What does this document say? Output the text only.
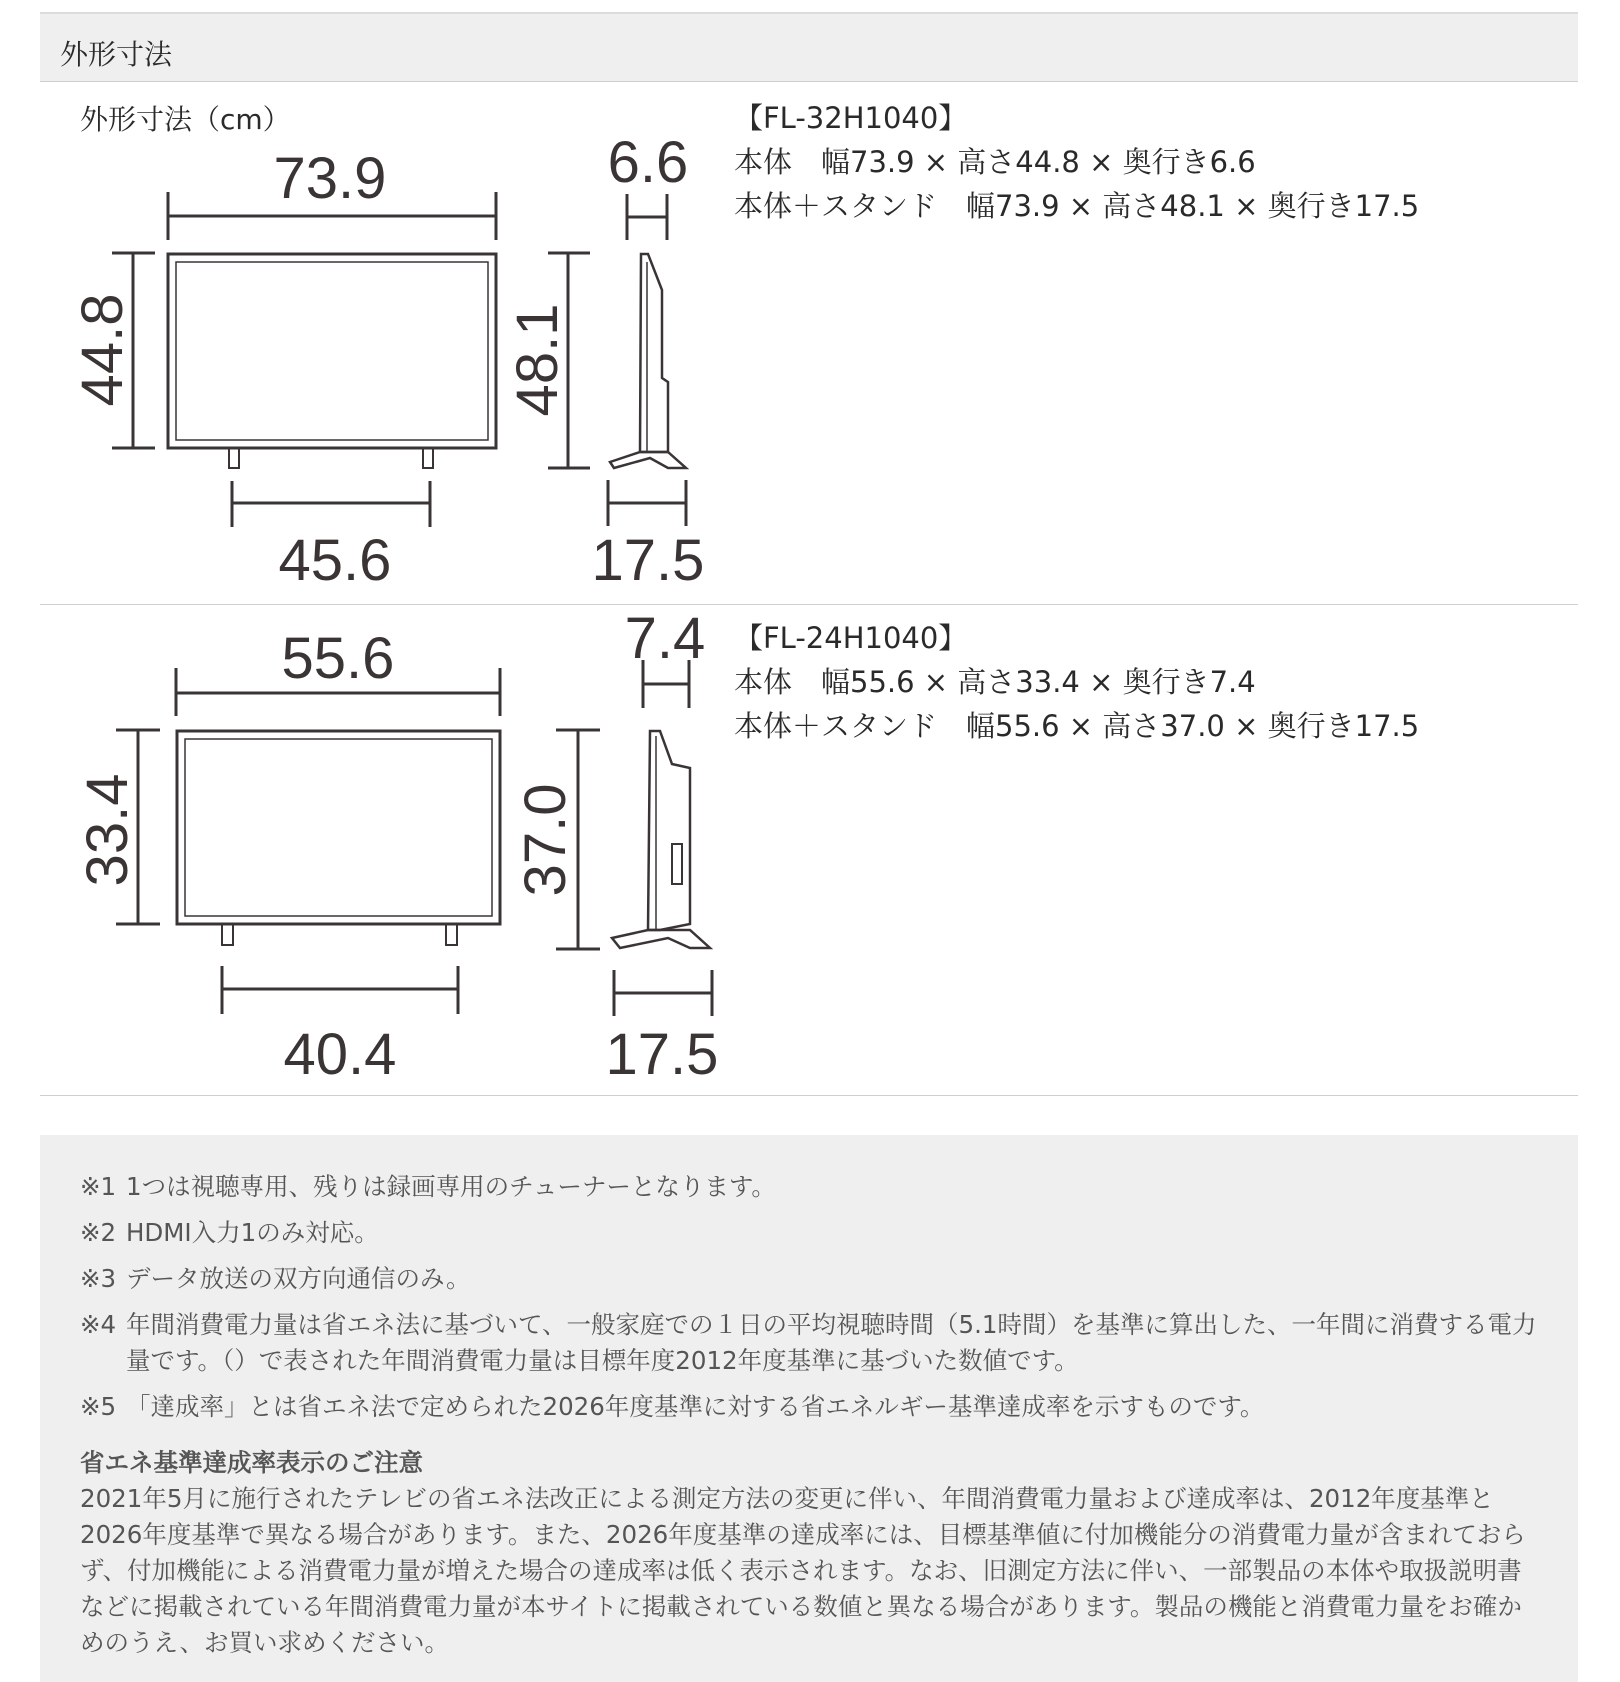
外形寸法
外形寸法（cm）
73.9
44.8	48.1
6.6
45.6	17.5
【FL-32H1040】
本体　幅73.9 × 高さ44.8 × 奥行き6.6
本体＋スタンド　幅73.9 × 高さ48.1 × 奥行き17.5
55.6
33.4	37.0
7.4
40.4	17.5
【FL-24H1040】
本体　幅55.6 × 高さ33.4 × 奥行き7.4
本体＋スタンド　幅55.6 × 高さ37.0 × 奥行き17.5
※1 1つは視聴専用、残りは録画専用のチューナーとなります。
※2 HDMI入力1のみ対応。
※3 データ放送の双方向通信のみ。
※4 年間消費電力量は省エネ法に基づいて、一般家庭での１日の平均視聴時間（5.1時間）を基準に算出した、一年間に消費する電力量です。（）で表された年間消費電力量は目標年度2012年度基準に基づいた数値です。
※5 「達成率」とは省エネ法で定められた2026年度基準に対する省エネルギー基準達成率を示すものです。
省エネ基準達成率表示のご注意
2021年5月に施行されたテレビの省エネ法改正による測定方法の変更に伴い、年間消費電力量および達成率は、2012年度基準と2026年度基準で異なる場合があります。また、2026年度基準の達成率には、目標基準値に付加機能分の消費電力量が含まれておらず、付加機能による消費電力量が増えた場合の達成率は低く表示されます。なお、旧測定方法に伴い、一部製品の本体や取扱説明書などに掲載されている年間消費電力量が本サイトに掲載されている数値と異なる場合があります。製品の機能と消費電力量をお確かめのうえ、お買い求めください。
